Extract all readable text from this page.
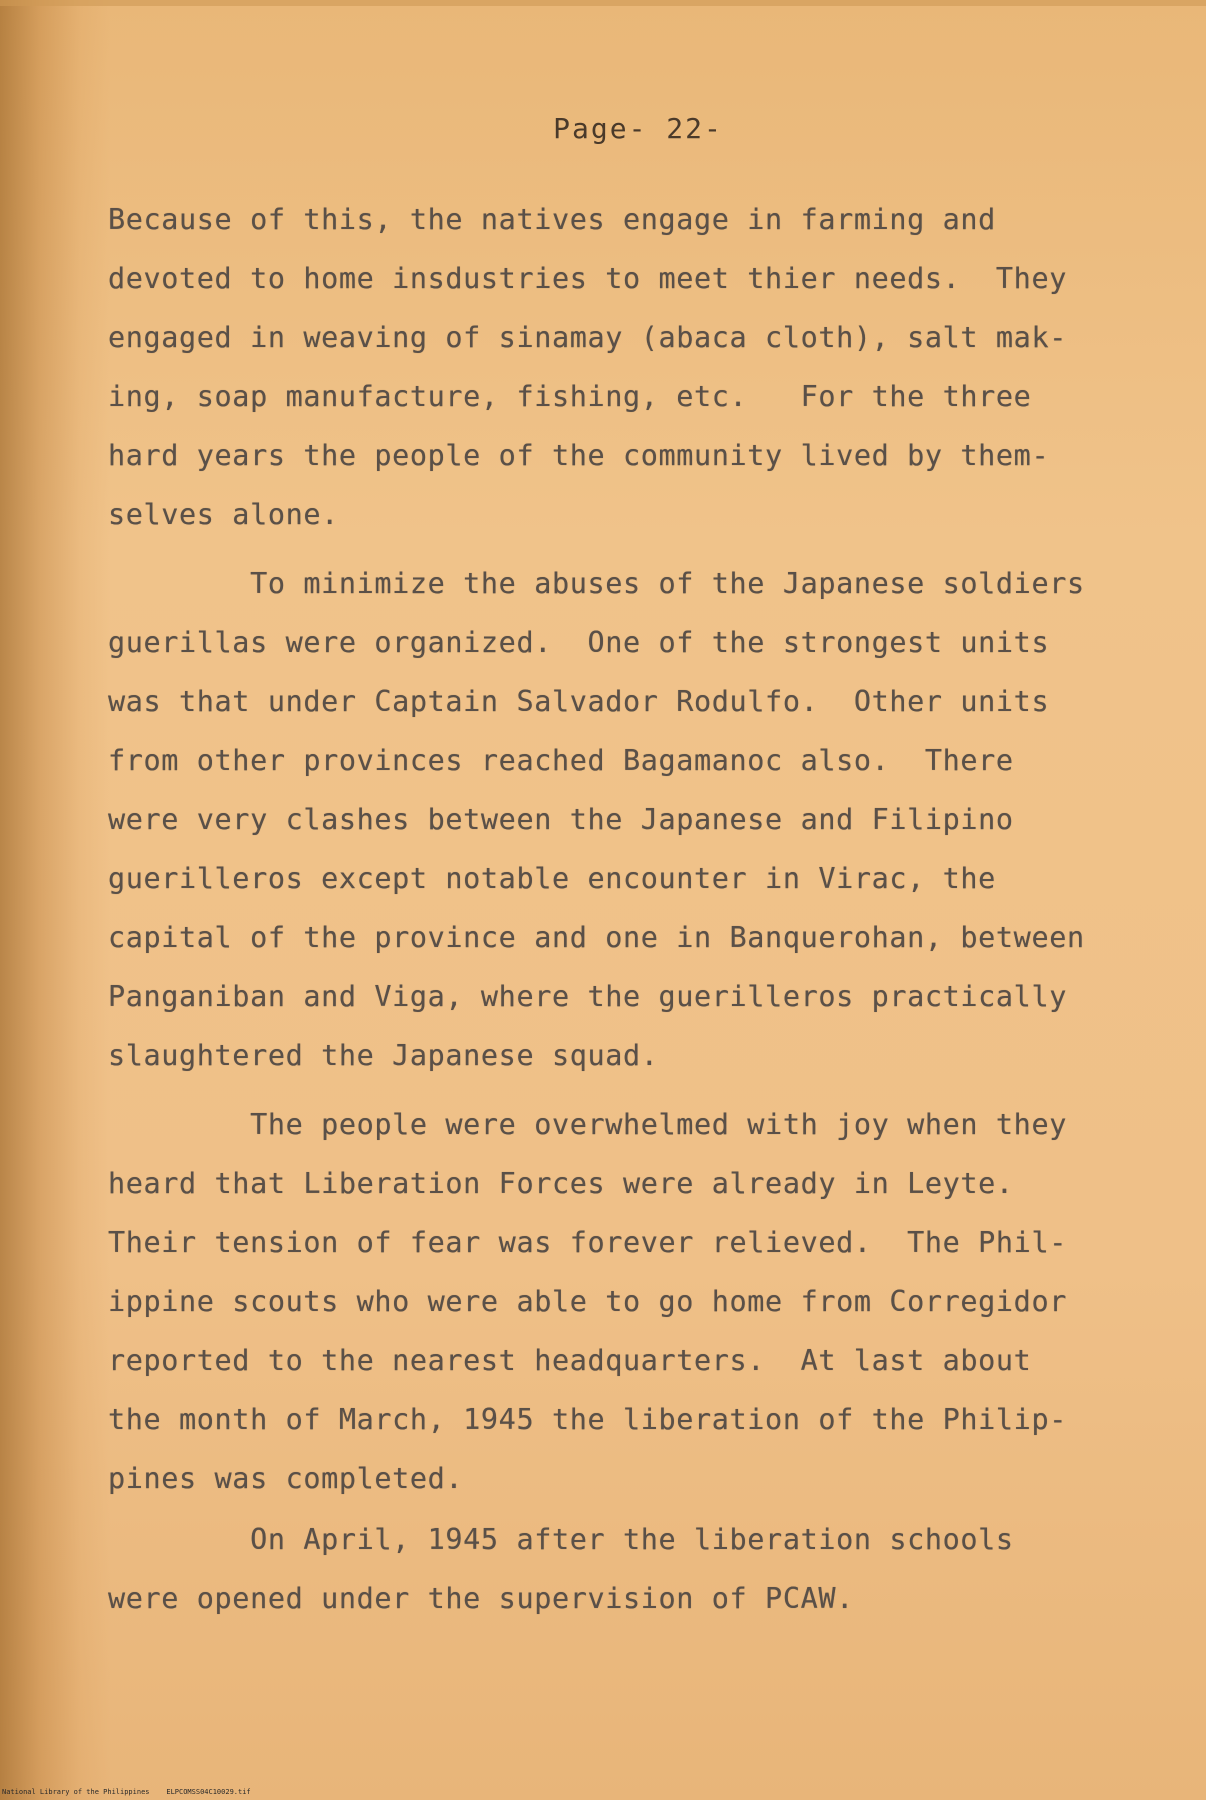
Page- 22-
Because of this, the natives engage in farming and
devoted to home insdustries to meet thier needs.  They
engaged in weaving of sinamay (abaca cloth), salt mak-
ing, soap manufacture, fishing, etc.   For the three
hard years the people of the community lived by them-
selves alone.
To minimize the abuses of the Japanese soldiers
guerillas were organized.  One of the strongest units
was that under Captain Salvador Rodulfo.  Other units
from other provinces reached Bagamanoc also.  There
were very clashes between the Japanese and Filipino
guerilleros except notable encounter in Virac, the
capital of the province and one in Banquerohan, between
Panganiban and Viga, where the guerilleros practically
slaughtered the Japanese squad.
The people were overwhelmed with joy when they
heard that Liberation Forces were already in Leyte.
Their tension of fear was forever relieved.  The Phil-
ippine scouts who were able to go home from Corregidor
reported to the nearest headquarters.  At last about
the month of March, 1945 the liberation of the Philip-
pines was completed.
On April, 1945 after the liberation schools
were opened under the supervision of PCAW.
National Library of the Philippines    ELPCOMSS04C10029.tif
